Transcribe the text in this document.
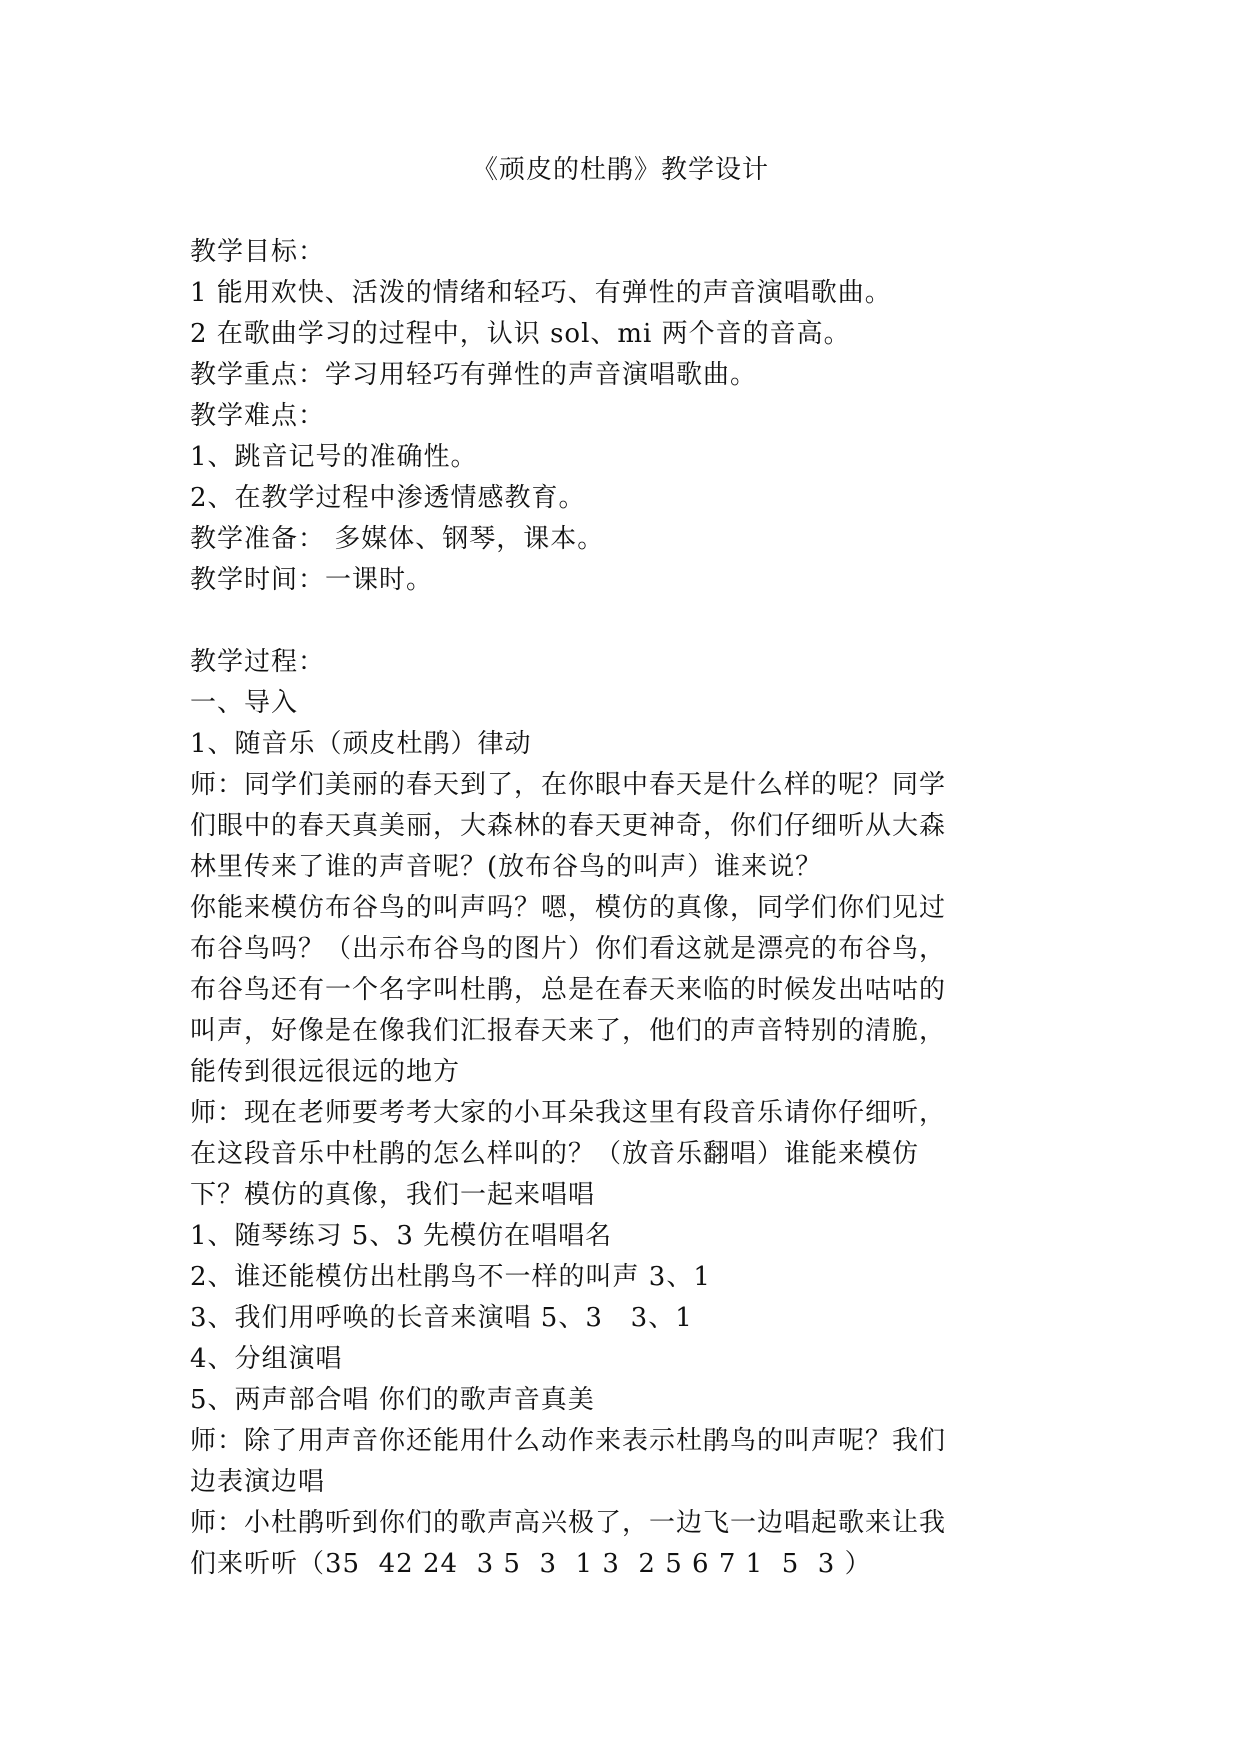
《顽皮的杜鹃》教学设计
教学目标：
1 能用欢快、活泼的情绪和轻巧、有弹性的声音演唱歌曲。
2 在歌曲学习的过程中，认识 sol、mi 两个音的音高。
教学重点：学习用轻巧有弹性的声音演唱歌曲。
教学难点：
1、跳音记号的准确性。
2、在教学过程中渗透情感教育。
教学准备： 多媒体、钢琴，课本。
教学时间：一课时。
教学过程：
一、导入
1、随音乐（顽皮杜鹃）律动
师：同学们美丽的春天到了，在你眼中春天是什么样的呢？同学
们眼中的春天真美丽，大森林的春天更神奇，你们仔细听从大森
林里传来了谁的声音呢？(放布谷鸟的叫声）谁来说？
你能来模仿布谷鸟的叫声吗？嗯，模仿的真像，同学们你们见过
布谷鸟吗？（出示布谷鸟的图片）你们看这就是漂亮的布谷鸟，
布谷鸟还有一个名字叫杜鹃，总是在春天来临的时候发出咕咕的
叫声，好像是在像我们汇报春天来了，他们的声音特别的清脆，
能传到很远很远的地方
师：现在老师要考考大家的小耳朵我这里有段音乐请你仔细听，
在这段音乐中杜鹃的怎么样叫的？（放音乐翻唱）谁能来模仿
下？模仿的真像，我们一起来唱唱
1、随琴练习 5、3 先模仿在唱唱名
2、谁还能模仿出杜鹃鸟不一样的叫声 3、1
3、我们用呼唤的长音来演唱 5、3   3、1
4、分组演唱
5、两声部合唱 你们的歌声音真美
师：除了用声音你还能用什么动作来表示杜鹃鸟的叫声呢？我们
边表演边唱
师：小杜鹃听到你们的歌声高兴极了，一边飞一边唱起歌来让我
们来听听（35  42 24  3 5  3  1 3  2 5 6 7 1  5  3 ）
